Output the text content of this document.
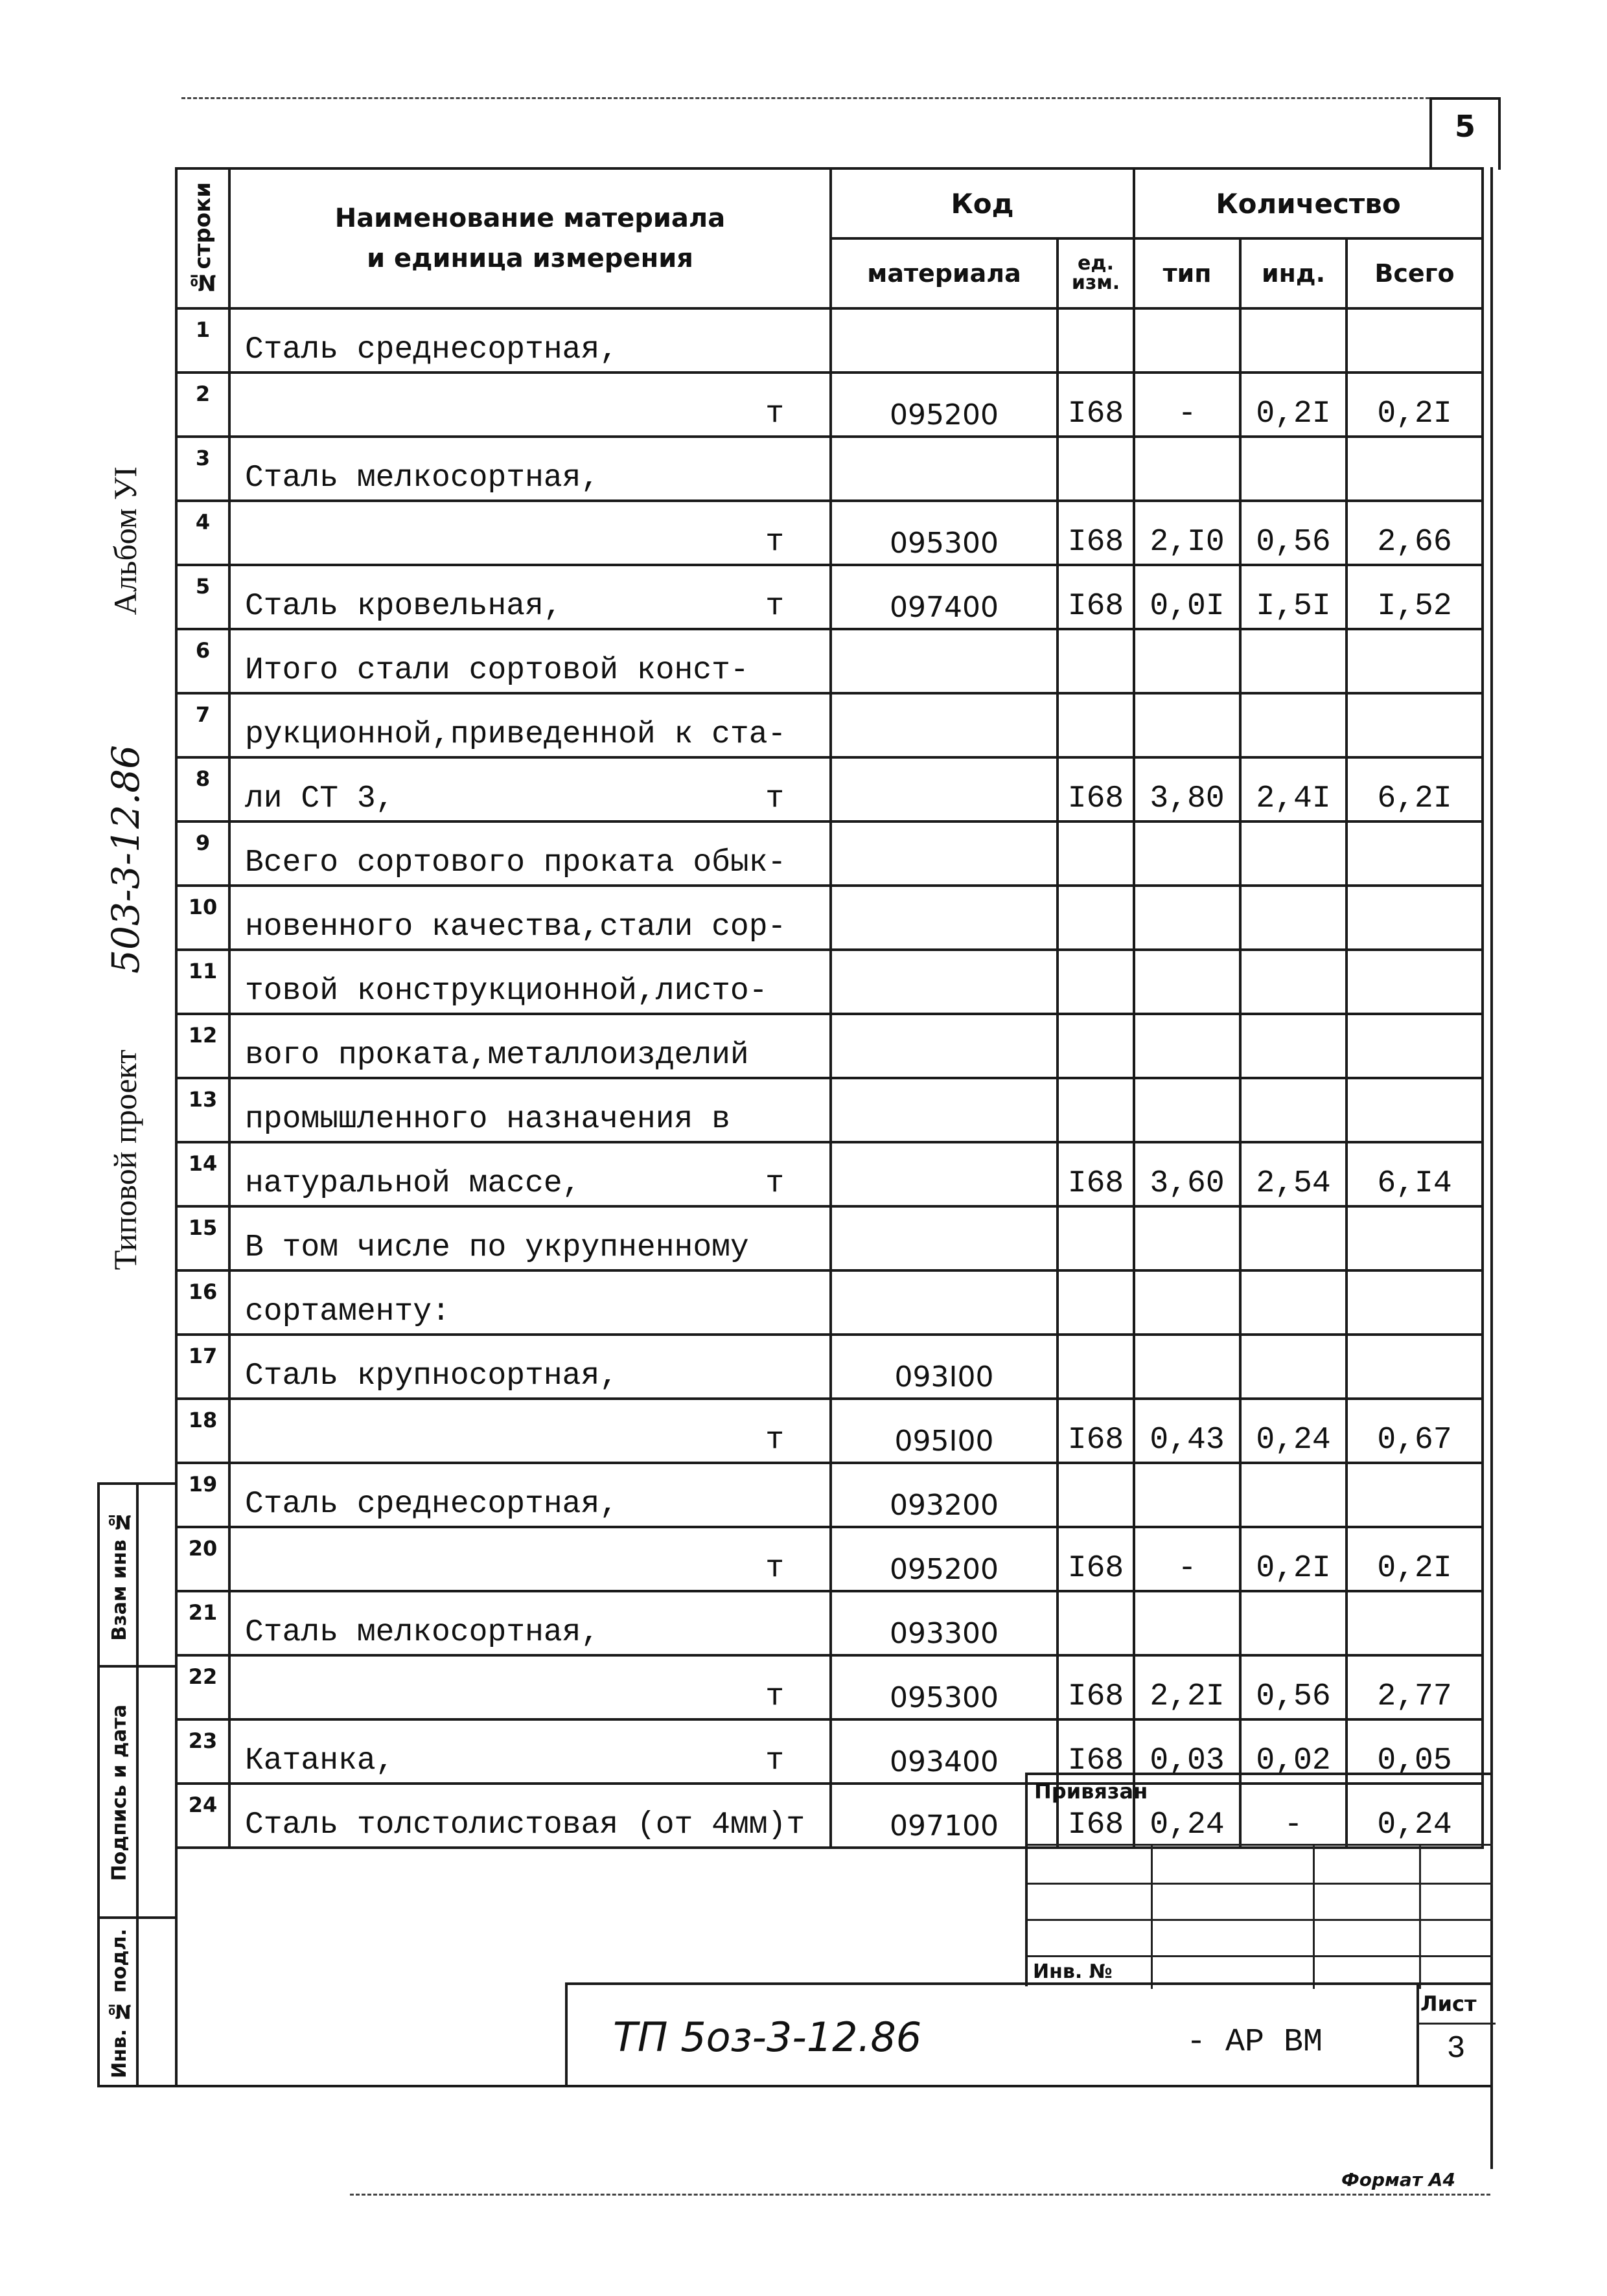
5
Альбом УI
Типовой проект
503-3-12.86
Взам инв №
Подпись и дата
Инв. № подл.
№строки	Наименование материала и единица измерения	Код		Количество		
		материала	ед. изм.	тип	инд.	Всего
1	Сталь среднесортная,

2	т	095200	I68	-	0,2I	0,2I
3	Сталь мелкосортная,

4	т	095300	I68	2,I0	0,56	2,66
5	Сталь кровельная, т	097400	I68	0,0I	I,5I	I,52
6	Итого стали сортовой конст-

7	рукционной,приведенной к ста-

8	ли СТ 3, т		I68	3,80	2,4I	6,2I
9	Всего сортового проката обык-

10	новенного качества,стали сор-

11	товой конструкционной,листо-

12	вого проката,металлоизделий

13	промышленного назначения в

14	натуральной массе, т		I68	3,60	2,54	6,I4
15	В том числе по укрупненному

16	сортаменту:

17	Сталь крупносортная,	093I00				
18	т	095I00	I68	0,43	0,24	0,67
19	Сталь среднесортная,	093200				
20	т	095200	I68	-	0,2I	0,2I
21	Сталь мелкосортная,	093300				
22	т	095300	I68	2,2I	0,56	2,77
23	Катанка, т	093400	I68	0,03	0,02	0,05
24	Сталь толстолистовая (от 4мм)т	097100	I68	0,24	-	0,24
Привязан
Инв. №
ТП 5оз-3-12.86	- АР ВМ
Лист
3
Формат А4
